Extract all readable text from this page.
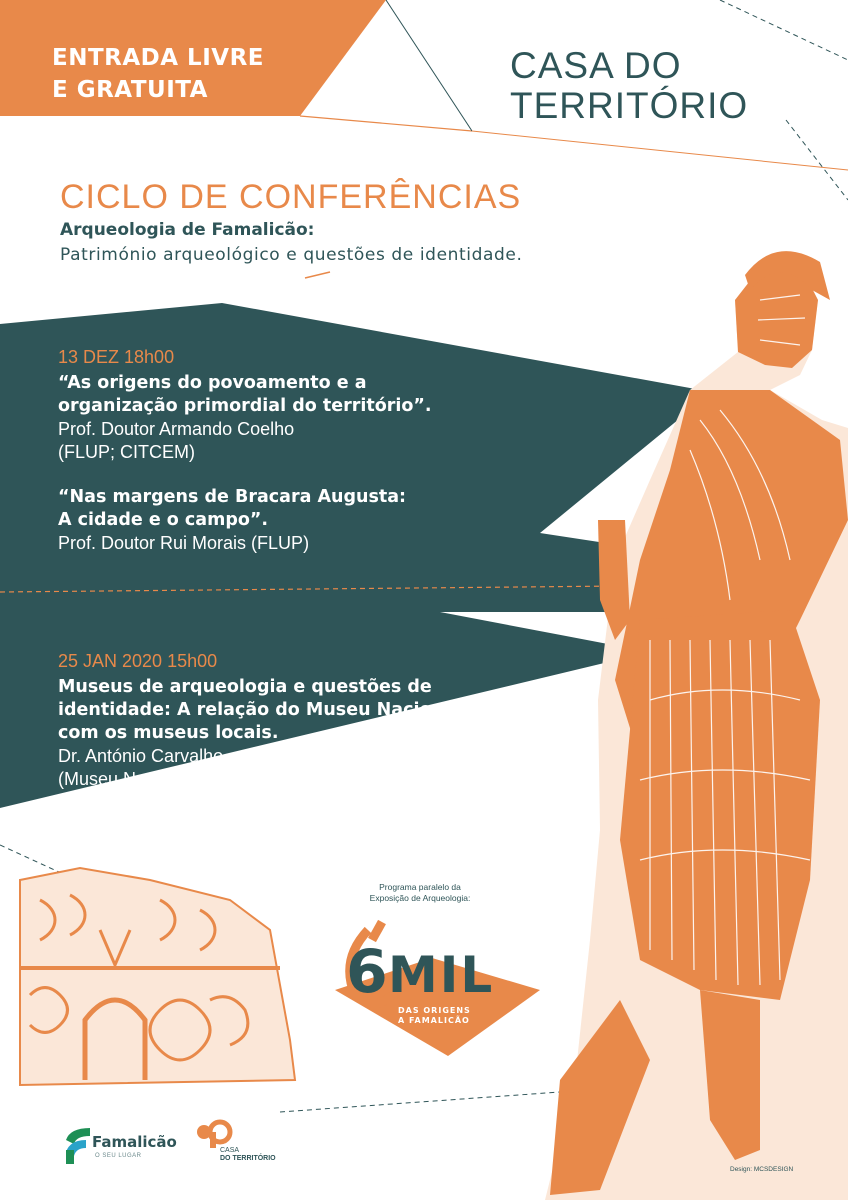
6 MIL
ENTRADA LIVRE
E GRATUITA
CASA DO
TERRITÓRIO
CICLO DE CONFERÊNCIAS
Arqueologia de Famalicão:
Património arqueológico e questões de identidade.
13 DEZ 18h00
“As origens do povoamento e a
organização primordial do território”.
Prof. Doutor Armando Coelho
(FLUP; CITCEM)
“Nas margens de Bracara Augusta:
A cidade e o campo”.
Prof. Doutor Rui Morais (FLUP)
25 JAN 2020 15h00
Museus de arqueologia e questões de
identidade: A relação do Museu Nacional
com os museus locais.
Dr. António Carvalho
(Museu Nacional de Arqueologia, Diretor)
Programa paralelo da
Exposição de Arqueologia:
DAS ORIGENS
A FAMALICÃO
Famalicão
O SEU LUGAR
CASA
DO TERRITÓRIO
Design: MCSDESIGN
